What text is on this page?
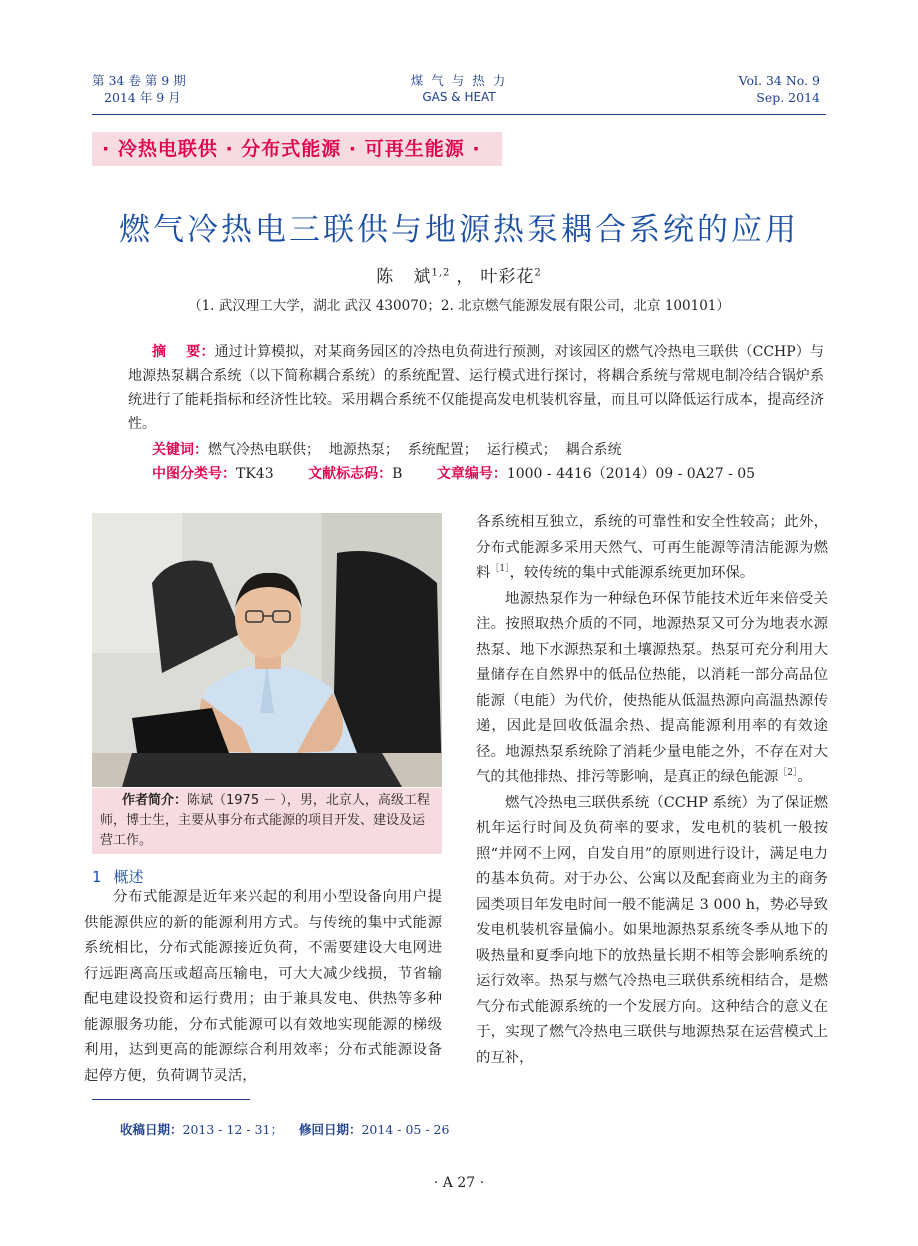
第 34 卷 第 9 期
2014 年 9 月
煤 气 与 热 力
GAS & HEAT
Vol. 34 No. 9
Sep. 2014
· 冷热电联供 · 分布式能源 · 可再生能源 ·
燃气冷热电三联供与地源热泵耦合系统的应用
陈   斌$^{1,2}$ ， 叶彩花$^2$
（1. 武汉理工大学，湖北 武汉 430070；2. 北京燃气能源发展有限公司，北京 100101）
摘    要：通过计算模拟，对某商务园区的冷热电负荷进行预测，对该园区的燃气冷热电三联供（CCHP）与地源热泵耦合系统（以下简称耦合系统）的系统配置、运行模式进行探讨，将耦合系统与常规电制冷结合锅炉系统进行了能耗指标和经济性比较。采用耦合系统不仅能提高发电机装机容量，而且可以降低运行成本，提高经济性。
关键词：燃气冷热电联供；  地源热泵；  系统配置；  运行模式；  耦合系统
中图分类号：TK43 文献标志码：B 文章编号：1000 - 4416（2014）09 - 0A27 - 05
作者简介：陈斌（1975 － ），男，北京人，高级工程师，博士生，主要从事分布式能源的项目开发、建设及运营工作。
1 概述

分布式能源是近年来兴起的利用小型设备向用户提供能源供应的新的能源利用方式。与传统的集中式能源系统相比，分布式能源接近负荷，不需要建设大电网进行远距离高压或超高压输电，可大大减少线损，节省输配电建设投资和运行费用；由于兼具发电、供热等多种能源服务功能，分布式能源可以有效地实现能源的梯级利用，达到更高的能源综合利用效率；分布式能源设备起停方便，负荷调节灵活，

各系统相互独立，系统的可靠性和安全性较高；此外，分布式能源多采用天然气、可再生能源等清洁能源为燃料$^{[1]}$，较传统的集中式能源系统更加环保。

地源热泵作为一种绿色环保节能技术近年来倍受关注。按照取热介质的不同，地源热泵又可分为地表水源热泵、地下水源热泵和土壤源热泵。热泵可充分利用大量储存在自然界中的低品位热能，以消耗一部分高品位能源（电能）为代价，使热能从低温热源向高温热源传递，因此是回收低温余热、提高能源利用率的有效途径。地源热泵系统除了消耗少量电能之外，不存在对大气的其他排热、排污等影响，是真正的绿色能源$^{[2]}$。

燃气冷热电三联供系统（CCHP 系统）为了保证燃机年运行时间及负荷率的要求，发电机的装机一般按照“并网不上网，自发自用”的原则进行设计，满足电力的基本负荷。对于办公、公寓以及配套商业为主的商务园类项目年发电时间一般不能满足 3 000 h，势必导致发电机装机容量偏小。如果地源热泵系统冬季从地下的吸热量和夏季向地下的放热量长期不相等会影响系统的运行效率。热泵与燃气冷热电三联供系统相结合，是燃气分布式能源系统的一个发展方向。这种结合的意义在于，实现了燃气冷热电三联供与地源热泵在运营模式上的互补，

收稿日期：2013 - 12 - 31； 修回日期：2014 - 05 - 26
· A 27 ·
